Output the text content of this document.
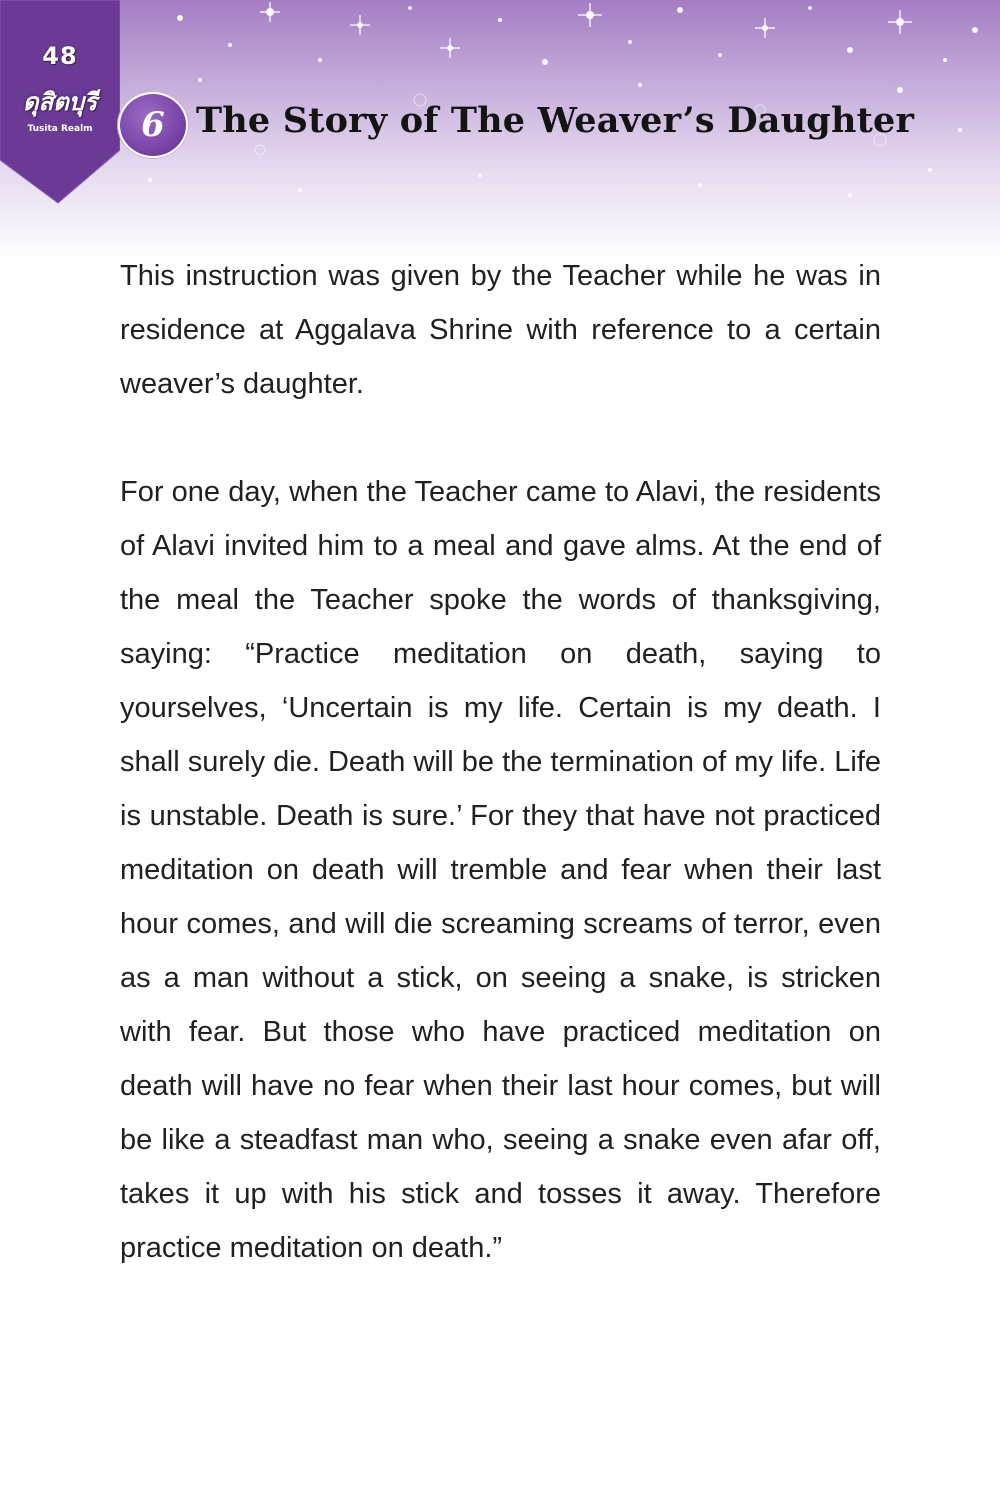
48
ดุสิตบุรี
Tusita Realm	6 The Story of The Weaver’s Daughter

This instruction was given by the Teacher while he was in residence at Aggalava Shrine with reference to a certain weaver’s daughter.

For one day, when the Teacher came to Alavi, the residents of Alavi invited him to a meal and gave alms. At the end of the meal the Teacher spoke the words of thanksgiving, saying: “Practice meditation on death, saying to yourselves, ‘Uncertain is my life. Certain is my death. I shall surely die. Death will be the termination of my life. Life is unstable. Death is sure.’ For they that have not practiced meditation on death will tremble and fear when their last hour comes, and will die screaming screams of terror, even as a man without a stick, on seeing a snake, is stricken with fear. But those who have practiced meditation on death will have no fear when their last hour comes, but will be like a steadfast man who, seeing a snake even afar off, takes it up with his stick and tosses it away. Therefore practice meditation on death.”
